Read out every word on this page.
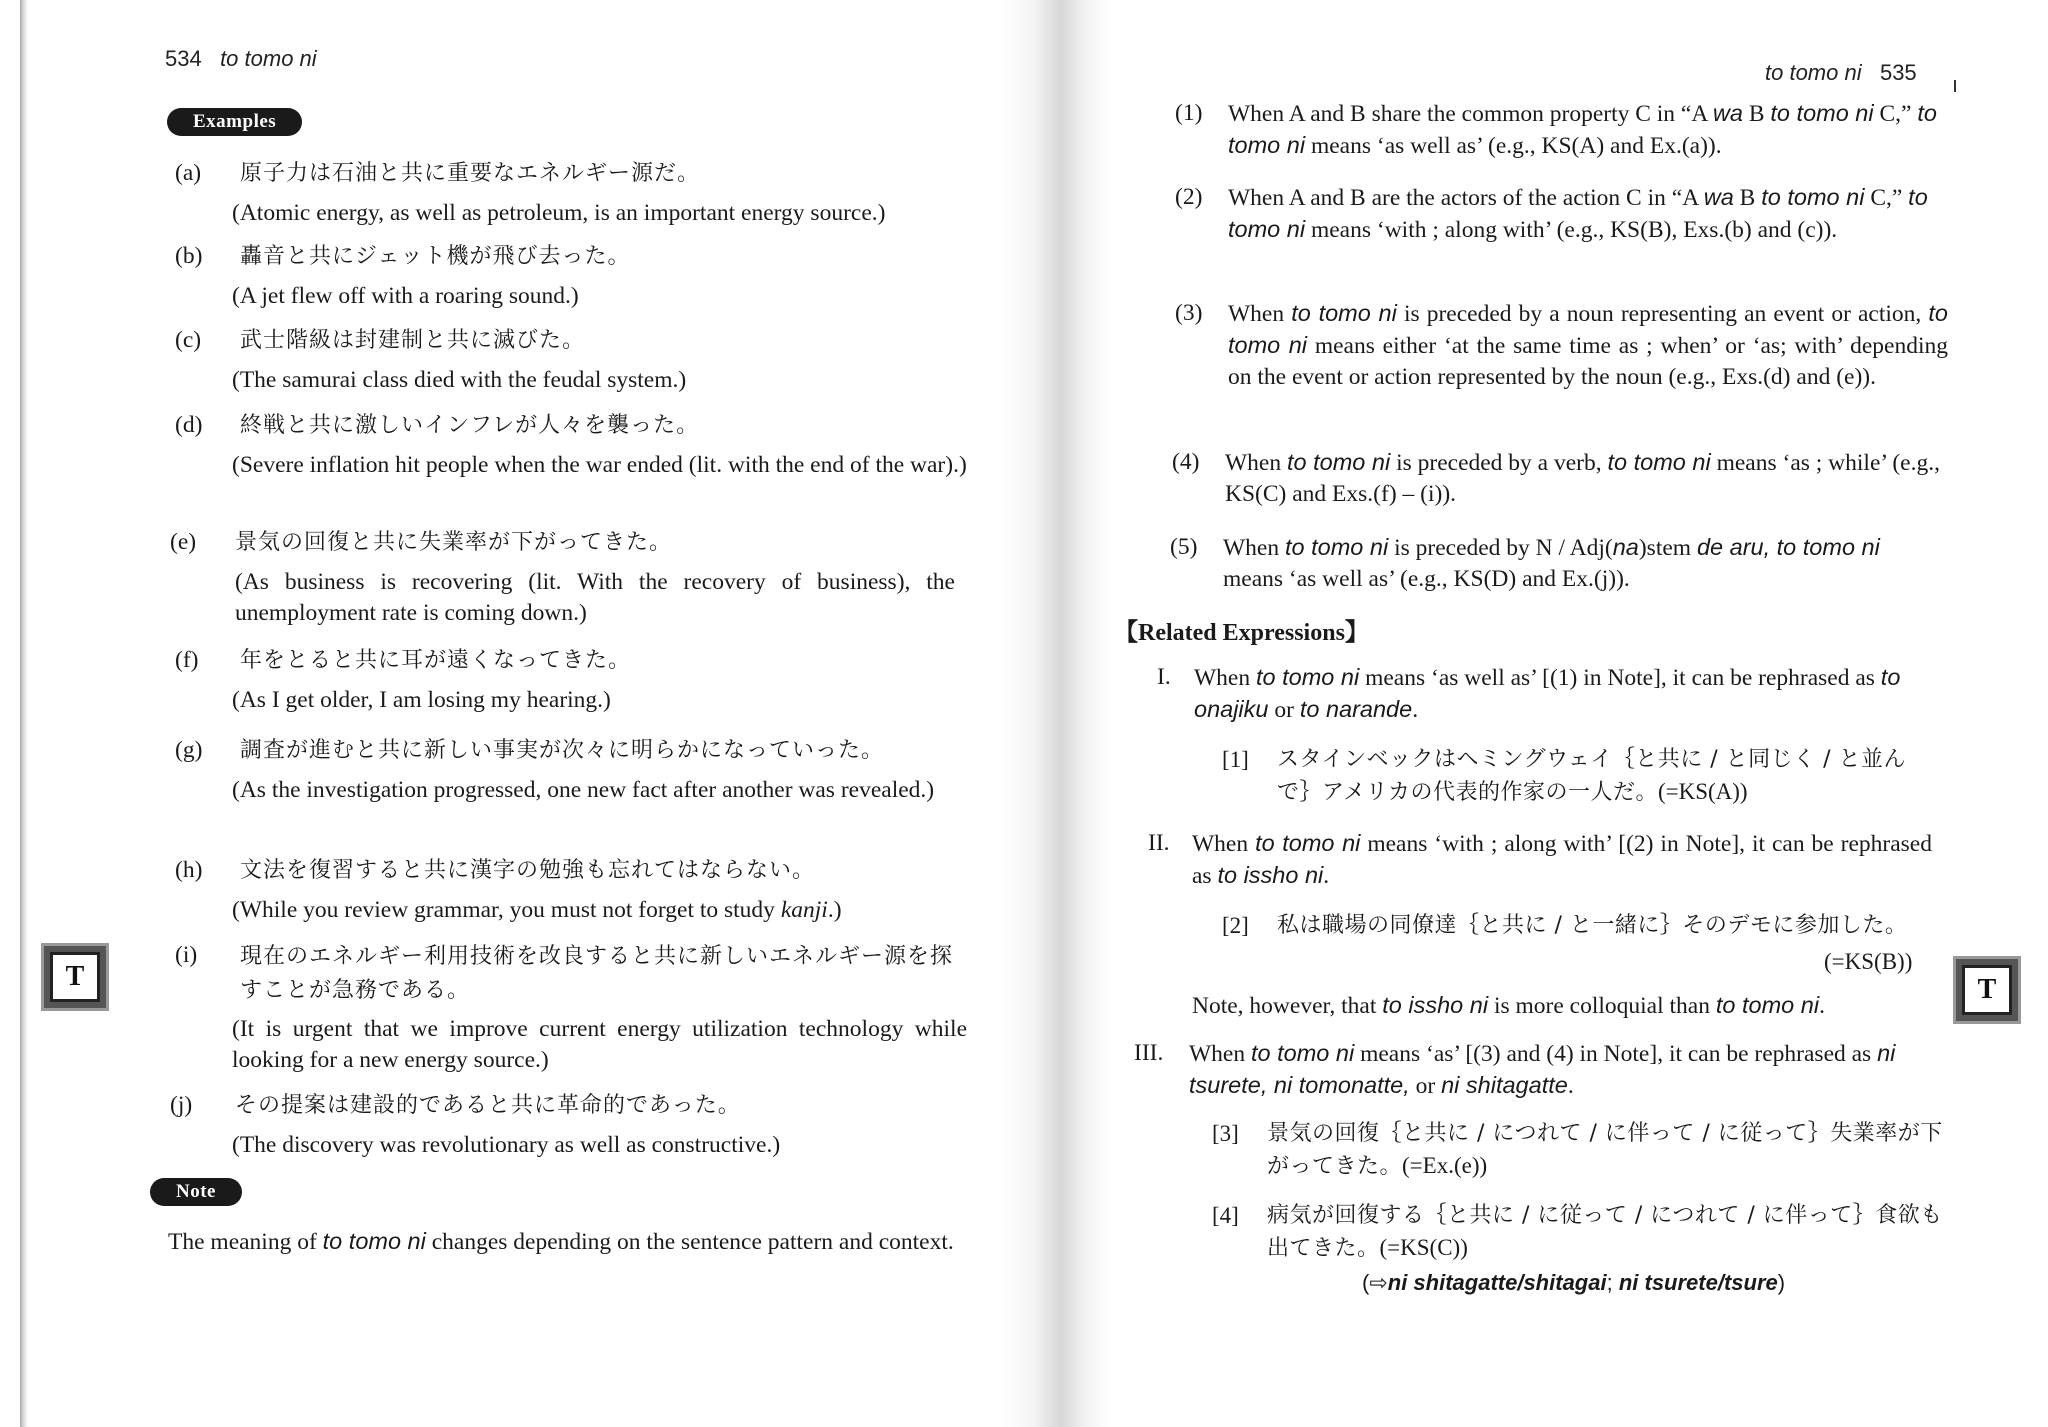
534 to tomo ni
Examples
(a) 原子力は石油と共に重要なエネルギー源だ。
(Atomic energy, as well as petroleum, is an important energy source.)
(b) 轟音と共にジェット機が飛び去った。
(A jet flew off with a roaring sound.)
(c) 武士階級は封建制と共に滅びた。
(The samurai class died with the feudal system.)
(d) 終戦と共に激しいインフレが人々を襲った。
(Severe inflation hit people when the war ended (lit. with the end of the war).)
(e) 景気の回復と共に失業率が下がってきた。
(As business is recovering (lit. With the recovery of business), the unemployment rate is coming down.)
(f) 年をとると共に耳が遠くなってきた。
(As I get older, I am losing my hearing.)
(g) 調査が進むと共に新しい事実が次々に明らかになっていった。
(As the investigation progressed, one new fact after another was revealed.)
(h) 文法を復習すると共に漢字の勉強も忘れてはならない。
(While you review grammar, you must not forget to study kanji.)
(i) 現在のエネルギー利用技術を改良すると共に新しいエネルギー源を探すことが急務である。
(It is urgent that we improve current energy utilization technology while looking for a new energy source.)
(j) その提案は建設的であると共に革命的であった。
(The discovery was revolutionary as well as constructive.)
Note
The meaning of to tomo ni changes depending on the sentence pattern and context.
T
to tomo ni 535
(1) When A and B share the common property C in “A wa B to tomo ni C,” to tomo ni means ‘as well as’ (e.g., KS(A) and Ex.(a)).
(2) When A and B are the actors of the action C in “A wa B to tomo ni C,” to tomo ni means ‘with ; along with’ (e.g., KS(B), Exs.(b) and (c)).
(3) When to tomo ni is preceded by a noun representing an event or action, to tomo ni means either ‘at the same time as ; when’ or ‘as; with’ depending on the event or action represented by the noun (e.g., Exs.(d) and (e)).
(4) When to tomo ni is preceded by a verb, to tomo ni means ‘as ; while’ (e.g., KS(C) and Exs.(f) – (i)).
(5) When to tomo ni is preceded by N / Adj(na)stem de aru, to tomo ni means ‘as well as’ (e.g., KS(D) and Ex.(j)).
【Related Expressions】
I. When to tomo ni means ‘as well as’ [(1) in Note], it can be rephrased as to onajiku or to narande.
[1] スタインベックはヘミングウェイ｛と共に / と同じく / と並んで｝アメリカの代表的作家の一人だ。(=KS(A))
II. When to tomo ni means ‘with ; along with’ [(2) in Note], it can be rephrased as to issho ni.
[2] 私は職場の同僚達｛と共に / と一緒に｝そのデモに参加した。
(=KS(B))
Note, however, that to issho ni is more colloquial than to tomo ni.
III. When to tomo ni means ‘as’ [(3) and (4) in Note], it can be rephrased as ni tsurete, ni tomonatte, or ni shitagatte.
[3] 景気の回復｛と共に / につれて / に伴って / に従って｝失業率が下がってきた。(=Ex.(e))
[4] 病気が回復する｛と共に / に従って / につれて / に伴って｝食欲も出てきた。(=KS(C))
(⇨ni shitagatte/shitagai; ni tsurete/tsure)
T
